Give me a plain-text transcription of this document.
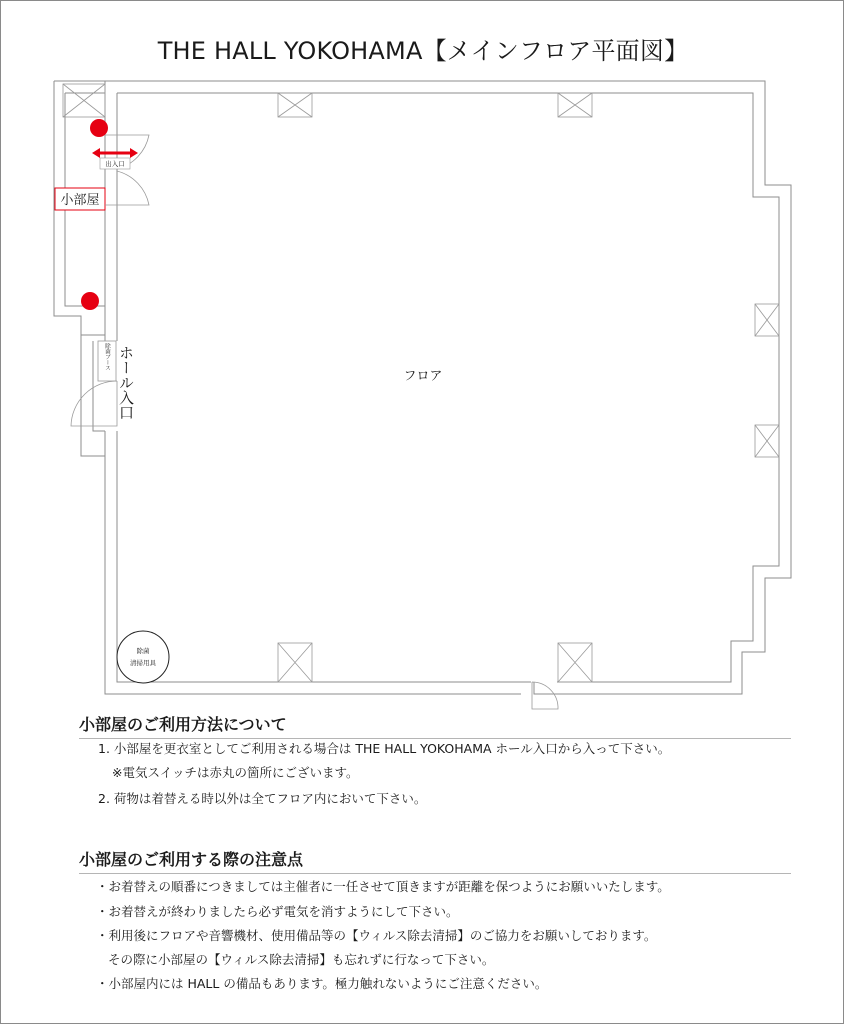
THE HALL YOKOHAMA【メインフロア平面図】
小部屋
出入口
除菌ブース ホール入口	フロア
除菌
清掃用具
小部屋のご利用方法について
1. 小部屋を更衣室としてご利用される場合は THE HALL YOKOHAMA ホール入口から入って下さい。
※電気スイッチは赤丸の箇所にございます。
2. 荷物は着替える時以外は全てフロア内において下さい。
小部屋のご利用する際の注意点
・お着替えの順番につきましては主催者に一任させて頂きますが距離を保つようにお願いいたします。
・お着替えが終わりましたら必ず電気を消すようにして下さい。
・利用後にフロアや音響機材、使用備品等の【ウィルス除去清掃】のご協力をお願いしております。
その際に小部屋の【ウィルス除去清掃】も忘れずに行なって下さい。
・小部屋内には HALL の備品もあります。極力触れないようにご注意ください。
